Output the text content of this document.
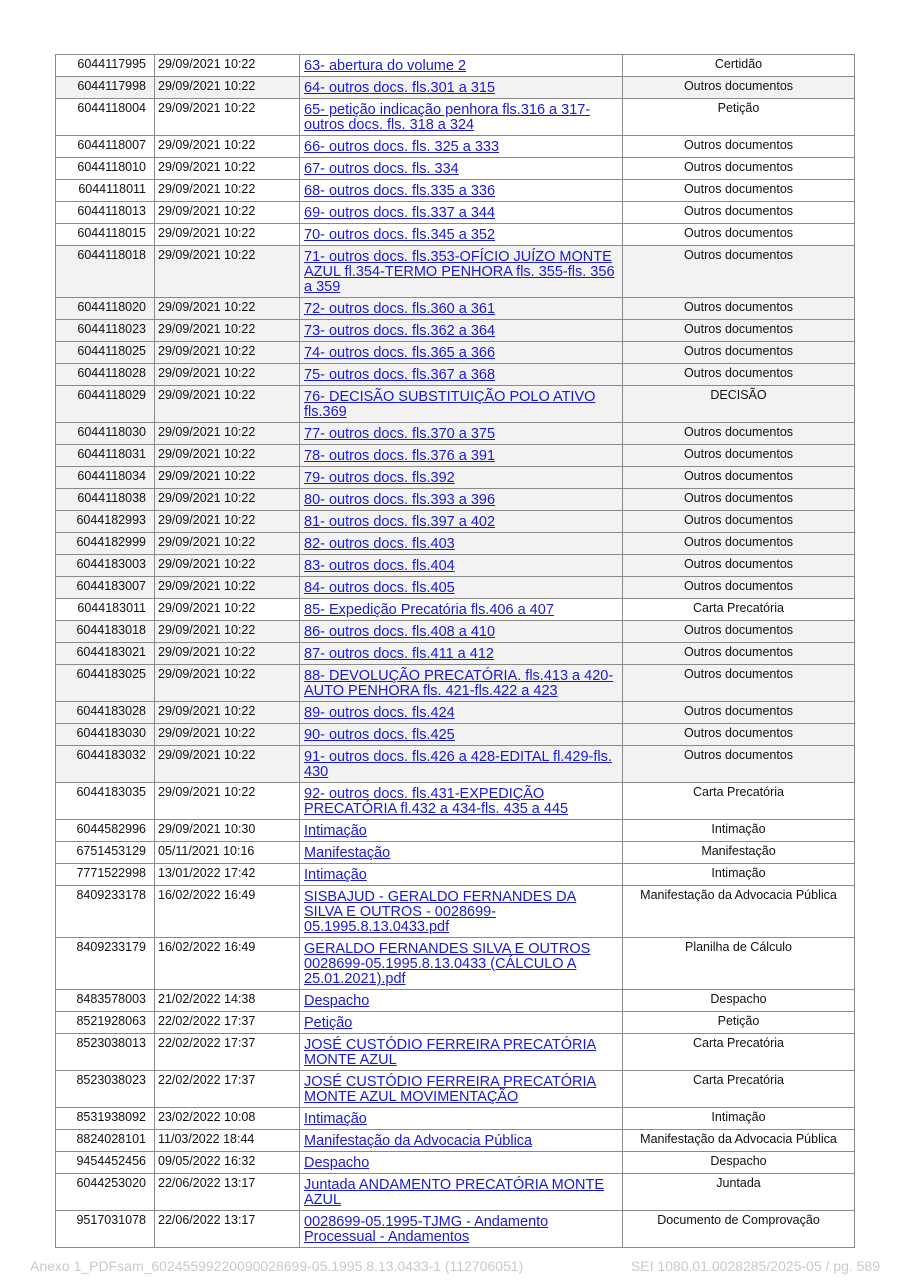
6044117995	29/09/2021 10:22	63- abertura do volume 2	Certidão
6044117998	29/09/2021 10:22	64- outros docs. fls.301 a 315	Outros documentos
6044118004	29/09/2021 10:22	65- petição indicação penhora fls.316 a 317-outros docs. fls. 318 a 324	Petição
6044118007	29/09/2021 10:22	66- outros docs. fls. 325 a 333	Outros documentos
6044118010	29/09/2021 10:22	67- outros docs. fls. 334	Outros documentos
6044118011	29/09/2021 10:22	68- outros docs. fls.335 a 336	Outros documentos
6044118013	29/09/2021 10:22	69- outros docs. fls.337 a 344	Outros documentos
6044118015	29/09/2021 10:22	70- outros docs. fls.345 a 352	Outros documentos
6044118018	29/09/2021 10:22	71- outros docs. fls.353-OFÍCIO JUÍZO MONTE AZUL fl.354-TERMO PENHORA fls. 355-fls. 356 a 359	Outros documentos
6044118020	29/09/2021 10:22	72- outros docs. fls.360 a 361	Outros documentos
6044118023	29/09/2021 10:22	73- outros docs. fls.362 a 364	Outros documentos
6044118025	29/09/2021 10:22	74- outros docs. fls.365 a 366	Outros documentos
6044118028	29/09/2021 10:22	75- outros docs. fls.367 a 368	Outros documentos
6044118029	29/09/2021 10:22	76- DECISÃO SUBSTITUIÇÃO POLO ATIVO fls.369	DECISÃO
6044118030	29/09/2021 10:22	77- outros docs. fls.370 a 375	Outros documentos
6044118031	29/09/2021 10:22	78- outros docs. fls.376 a 391	Outros documentos
6044118034	29/09/2021 10:22	79- outros docs. fls.392	Outros documentos
6044118038	29/09/2021 10:22	80- outros docs. fls.393 a 396	Outros documentos
6044182993	29/09/2021 10:22	81- outros docs. fls.397 a 402	Outros documentos
6044182999	29/09/2021 10:22	82- outros docs. fls.403	Outros documentos
6044183003	29/09/2021 10:22	83- outros docs. fls.404	Outros documentos
6044183007	29/09/2021 10:22	84- outros docs. fls.405	Outros documentos
6044183011	29/09/2021 10:22	85- Expedição Precatória fls.406 a 407	Carta Precatória
6044183018	29/09/2021 10:22	86- outros docs. fls.408 a 410	Outros documentos
6044183021	29/09/2021 10:22	87- outros docs. fls.411 a 412	Outros documentos
6044183025	29/09/2021 10:22	88- DEVOLUÇÃO PRECATÓRIA. fls.413 a 420-AUTO PENHORA fls. 421-fls.422 a 423	Outros documentos
6044183028	29/09/2021 10:22	89- outros docs. fls.424	Outros documentos
6044183030	29/09/2021 10:22	90- outros docs. fls.425	Outros documentos
6044183032	29/09/2021 10:22	91- outros docs. fls.426 a 428-EDITAL fl.429-fls. 430	Outros documentos
6044183035	29/09/2021 10:22	92- outros docs. fls.431-EXPEDIÇÃO PRECATÓRIA fl.432 a 434-fls. 435 a 445	Carta Precatória
6044582996	29/09/2021 10:30	Intimação	Intimação
6751453129	05/11/2021 10:16	Manifestação	Manifestação
7771522998	13/01/2022 17:42	Intimação	Intimação
8409233178	16/02/2022 16:49	SISBAJUD - GERALDO FERNANDES DA SILVA E OUTROS - 0028699-05.1995.8.13.0433.pdf	Manifestação da Advocacia Pública
8409233179	16/02/2022 16:49	GERALDO FERNANDES SILVA E OUTROS 0028699-05.1995.8.13.0433 (CÁLCULO A 25.01.2021).pdf	Planilha de Cálculo
8483578003	21/02/2022 14:38	Despacho	Despacho
8521928063	22/02/2022 17:37	Petição	Petição
8523038013	22/02/2022 17:37	JOSÉ CUSTÓDIO FERREIRA PRECATÓRIA MONTE AZUL	Carta Precatória
8523038023	22/02/2022 17:37	JOSÉ CUSTÓDIO FERREIRA PRECATÓRIA MONTE AZUL MOVIMENTAÇÃO	Carta Precatória
8531938092	23/02/2022 10:08	Intimação	Intimação
8824028101	11/03/2022 18:44	Manifestação da Advocacia Pública	Manifestação da Advocacia Pública
9454452456	09/05/2022 16:32	Despacho	Despacho
6044253020	22/06/2022 13:17	Juntada ANDAMENTO PRECATÓRIA MONTE AZUL	Juntada
9517031078	22/06/2022 13:17	0028699-05.1995-TJMG - Andamento Processual - Andamentos	Documento de Comprovação
Anexo 1_PDFsam_602455992200900286​99-05.1995.8.13.0433-1 (112706051)	SEI 1080.01.0028285/2025-05 / pg. 589
